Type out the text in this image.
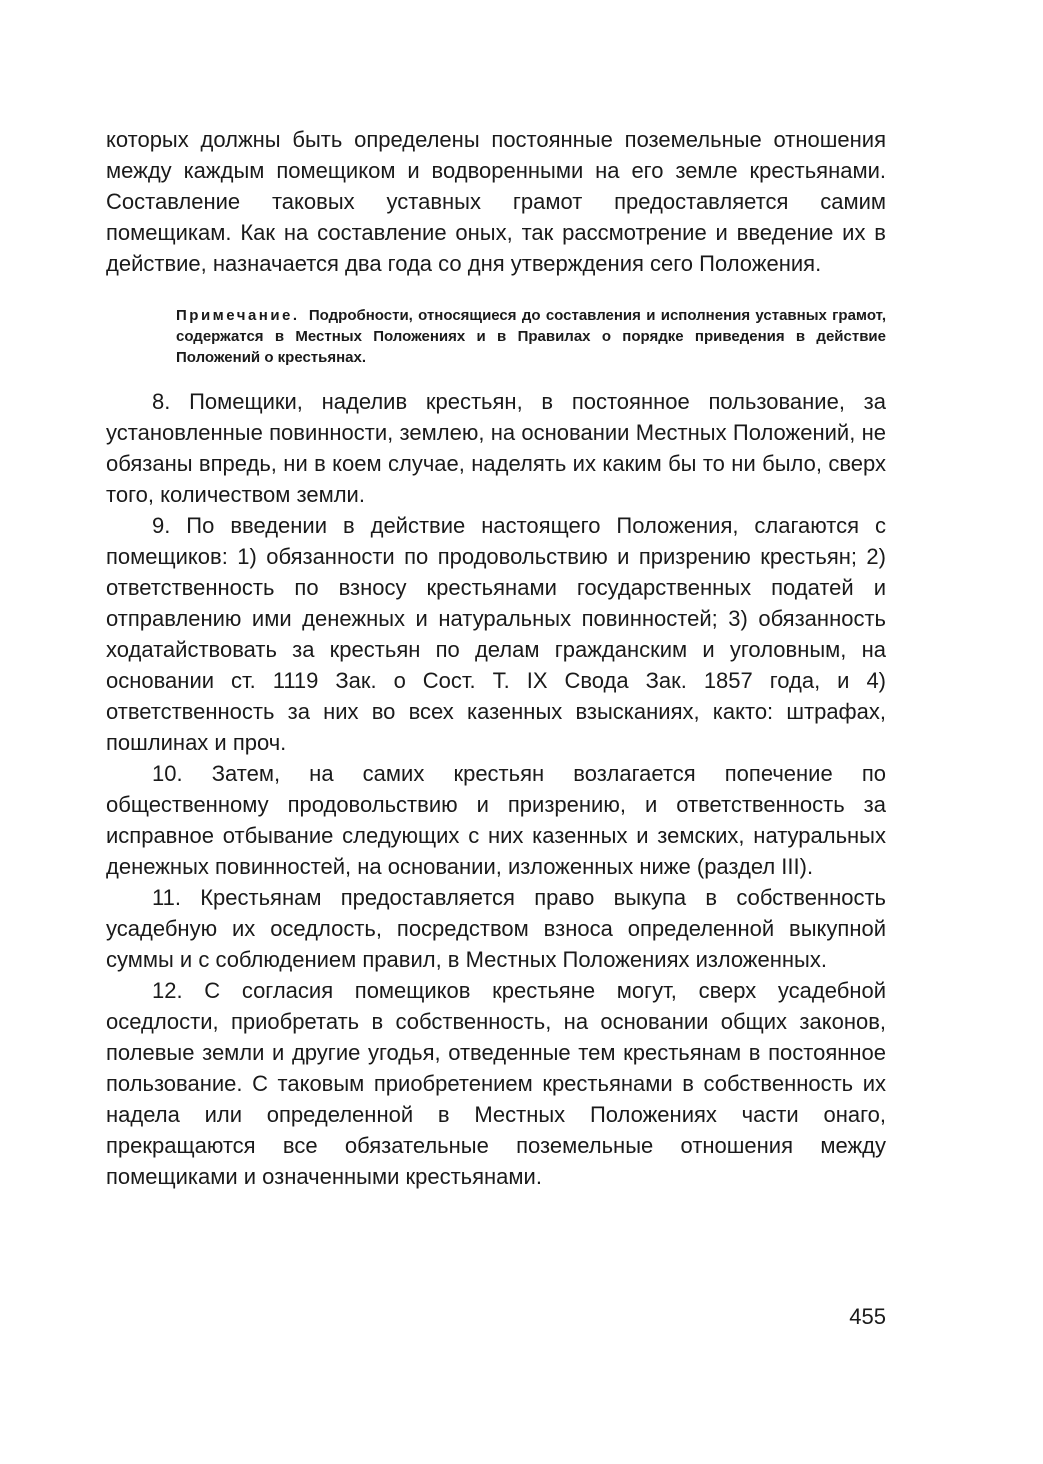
которых должны быть определены постоянные поземельные отношения между каждым помещиком и водворенными на его земле крестьянами. Составление таковых уставных грамот предоставляется самим помещикам. Как на составление оных, так рассмотрение и введение их в действие, назначается два года со дня утверждения сего Положения.

Примечание. Подробности, относящиеся до составления и исполнения уставных грамот, содержатся в Местных Положениях и в Правилах о порядке приведения в действие Положений о крестьянах.

8. Помещики, наделив крестьян, в постоянное пользование, за установленные повинности, землею, на основании Местных Положений, не обязаны впредь, ни в коем случае, наделять их каким бы то ни было, сверх того, количеством земли.

9. По введении в действие настоящего Положения, слагаются с помещиков: 1) обязанности по продовольствию и призрению крестьян; 2) ответственность по взносу крестьянами государственных податей и отправлению ими денежных и натуральных повинностей; 3) обязанность ходатайствовать за крестьян по делам гражданским и уголовным, на основании ст. 1119 Зак. о Сост. Т. IX Свода Зак. 1857 года, и 4) ответственность за них во всех казенных взысканиях, както: штрафах, пошлинах и проч.

10. Затем, на самих крестьян возлагается попечение по общественному продовольствию и призрению, и ответственность за исправное отбывание следующих с них казенных и земских, натуральных денежных повинностей, на основании, изложенных ниже (раздел III).

11. Крестьянам предоставляется право выкупа в собственность усадебную их оседлость, посредством взноса определенной выкупной суммы и с соблюдением правил, в Местных Положениях изложенных.

12. С согласия помещиков крестьяне могут, сверх усадебной оседлости, приобретать в собственность, на основании общих законов, полевые земли и другие угодья, отведенные тем крестьянам в постоянное пользование. С таковым приобретением крестьянами в собственность их надела или определенной в Местных Положениях части онаго, прекращаются все обязательные поземельные отношения между помещиками и означенными крестьянами.

455
